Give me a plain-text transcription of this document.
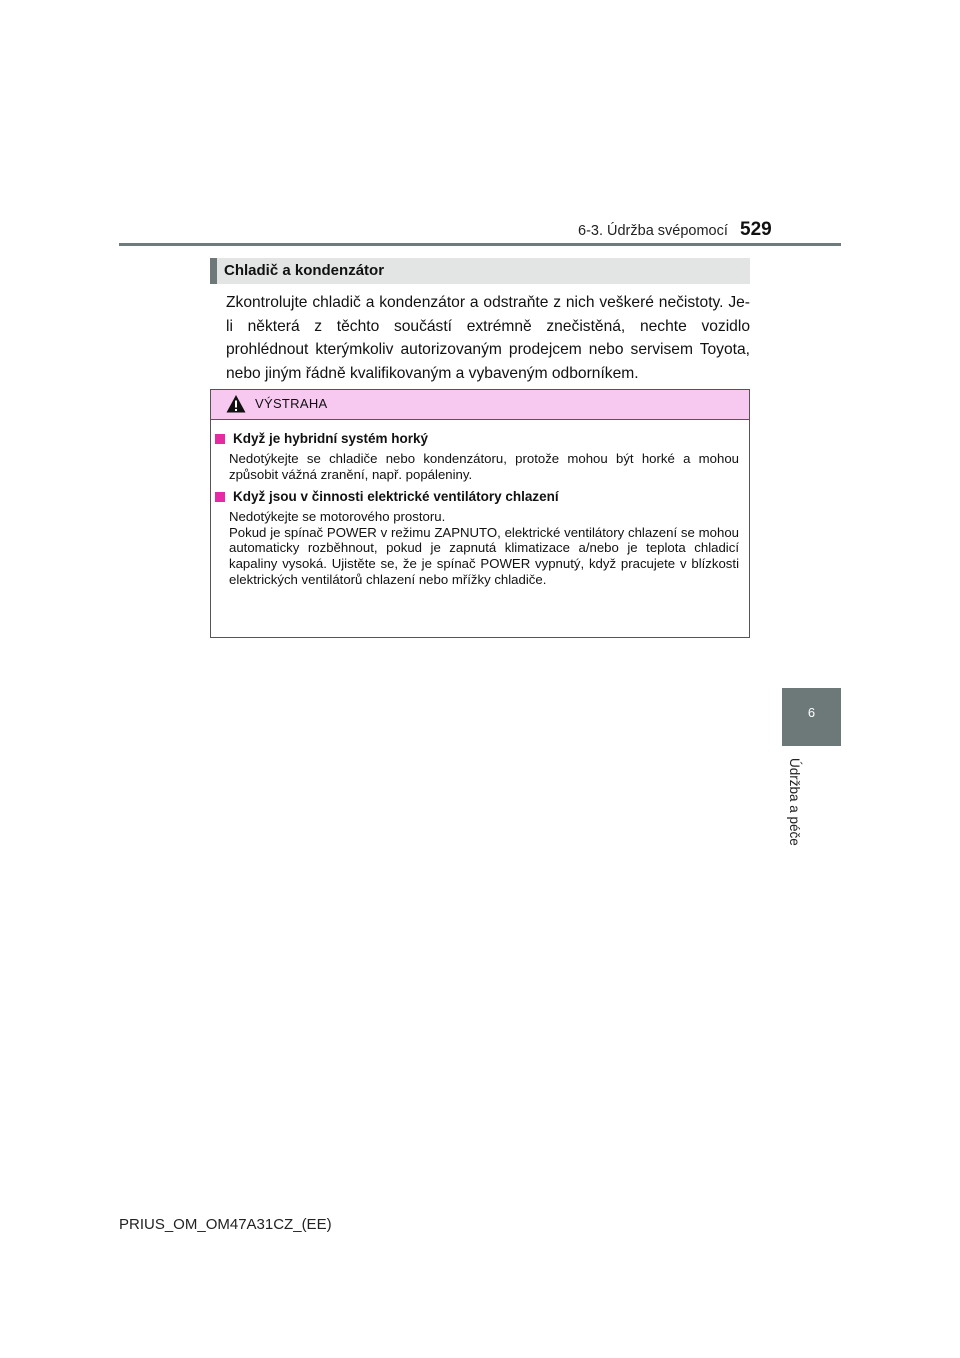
6-3. Údržba svépomocí 529
6
Údržba a péče
Chladič a kondenzátor

Zkontrolujte chladič a kondenzátor a odstraňte z nich veškeré nečistoty. Je-li některá z těchto součástí extrémně znečistěná, nechte vozidlo prohlédnout kterýmkoliv autorizovaným prodejcem nebo servisem Toyota, nebo jiným řádně kvalifikovaným a vybaveným odborníkem.

VÝSTRAHA
Když je hybridní systém horký
Nedotýkejte se chladiče nebo kondenzátoru, protože mohou být horké a mohou způsobit vážná zranění, např. popáleniny.
Když jsou v činnosti elektrické ventilátory chlazení
Nedotýkejte se motorového prostoru.
Pokud je spínač POWER v režimu ZAPNUTO, elektrické ventilátory chlazení se mohou automaticky rozběhnout, pokud je zapnutá klimatizace a/nebo je teplota chladicí kapaliny vysoká. Ujistěte se, že je spínač POWER vypnutý, když pracujete v blízkosti elektrických ventilátorů chlazení nebo mřížky chladiče.
PRIUS_OM_OM47A31CZ_(EE)
